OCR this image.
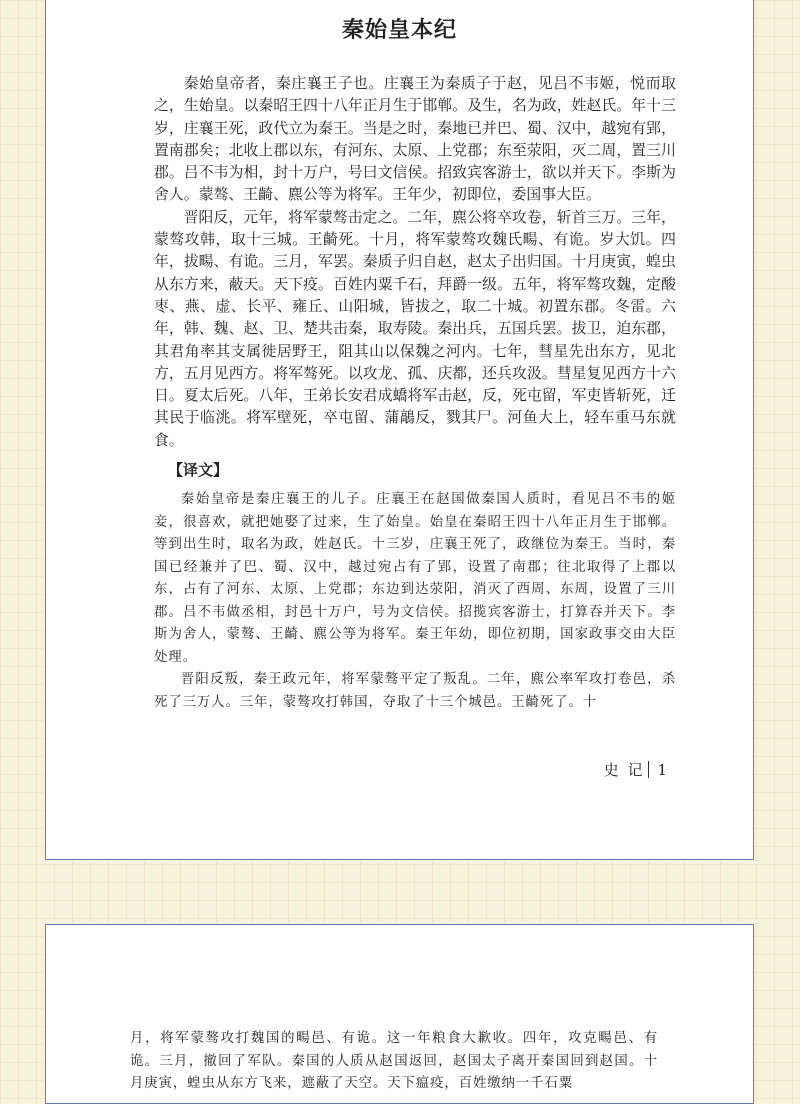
秦始皇本纪

秦始皇帝者，秦庄襄王子也。庄襄王为秦质子于赵，见吕不韦姬，悦而取之，生始皇。以秦昭王四十八年正月生于邯郸。及生，名为政，姓赵氏。年十三岁，庄襄王死，政代立为秦王。当是之时，秦地已并巴、蜀、汉中，越宛有郢，置南郡矣；北收上郡以东，有河东、太原、上党郡；东至荥阳，灭二周，置三川郡。吕不韦为相，封十万户，号曰文信侯。招致宾客游士，欲以并天下。李斯为舍人。蒙骜、王齮、麃公等为将军。王年少，初即位，委国事大臣。

晋阳反，元年，将军蒙骜击定之。二年，麃公将卒攻卷，斩首三万。三年，蒙骜攻韩，取十三城。王齮死。十月，将军蒙骜攻魏氏畼、有诡。岁大饥。四年，拔畼、有诡。三月，军罢。秦质子归自赵，赵太子出归国。十月庚寅，蝗虫从东方来，蔽天。天下疫。百姓内粟千石，拜爵一级。五年，将军骜攻魏，定酸枣、燕、虚、长平、雍丘、山阳城，皆拔之，取二十城。初置东郡。冬雷。六年，韩、魏、赵、卫、楚共击秦，取寿陵。秦出兵，五国兵罢。拔卫，迫东郡，其君角率其支属徙居野王，阻其山以保魏之河内。七年，彗星先出东方，见北方，五月见西方。将军骜死。以攻龙、孤、庆都，还兵攻汲。彗星复见西方十六日。夏太后死。八年，王弟长安君成蟜将军击赵，反，死屯留，军吏皆斩死，迁其民于临洮。将军壁死，卒屯留、蒲鶮反，戮其尸。河鱼大上，轻车重马东就食。

【译文】

秦始皇帝是秦庄襄王的儿子。庄襄王在赵国做秦国人质时，看见吕不韦的姬妾，很喜欢，就把她娶了过来，生了始皇。始皇在秦昭王四十八年正月生于邯郸。等到出生时，取名为政，姓赵氏。十三岁，庄襄王死了，政继位为秦王。当时，秦国已经兼并了巴、蜀、汉中，越过宛占有了郢，设置了南郡；往北取得了上郡以东，占有了河东、太原、上党郡；东边到达荥阳，消灭了西周、东周，设置了三川郡。吕不韦做丞相，封邑十万户，号为文信侯。招揽宾客游士，打算吞并天下。李斯为舍人，蒙骜、王齮、麃公等为将军。秦王年幼，即位初期，国家政事交由大臣处理。

晋阳反叛，秦王政元年，将军蒙骜平定了叛乱。二年，麃公率军攻打卷邑，杀死了三万人。三年，蒙骜攻打韩国，夺取了十三个城邑。王齮死了。十

史 记 1

月，将军蒙骜攻打魏国的畼邑、有诡。这一年粮食大歉收。四年，攻克畼邑、有诡。三月，撤回了军队。秦国的人质从赵国返回，赵国太子离开秦国回到赵国。十月庚寅，蝗虫从东方飞来，遮蔽了天空。天下瘟疫，百姓缴纳一千石粟
